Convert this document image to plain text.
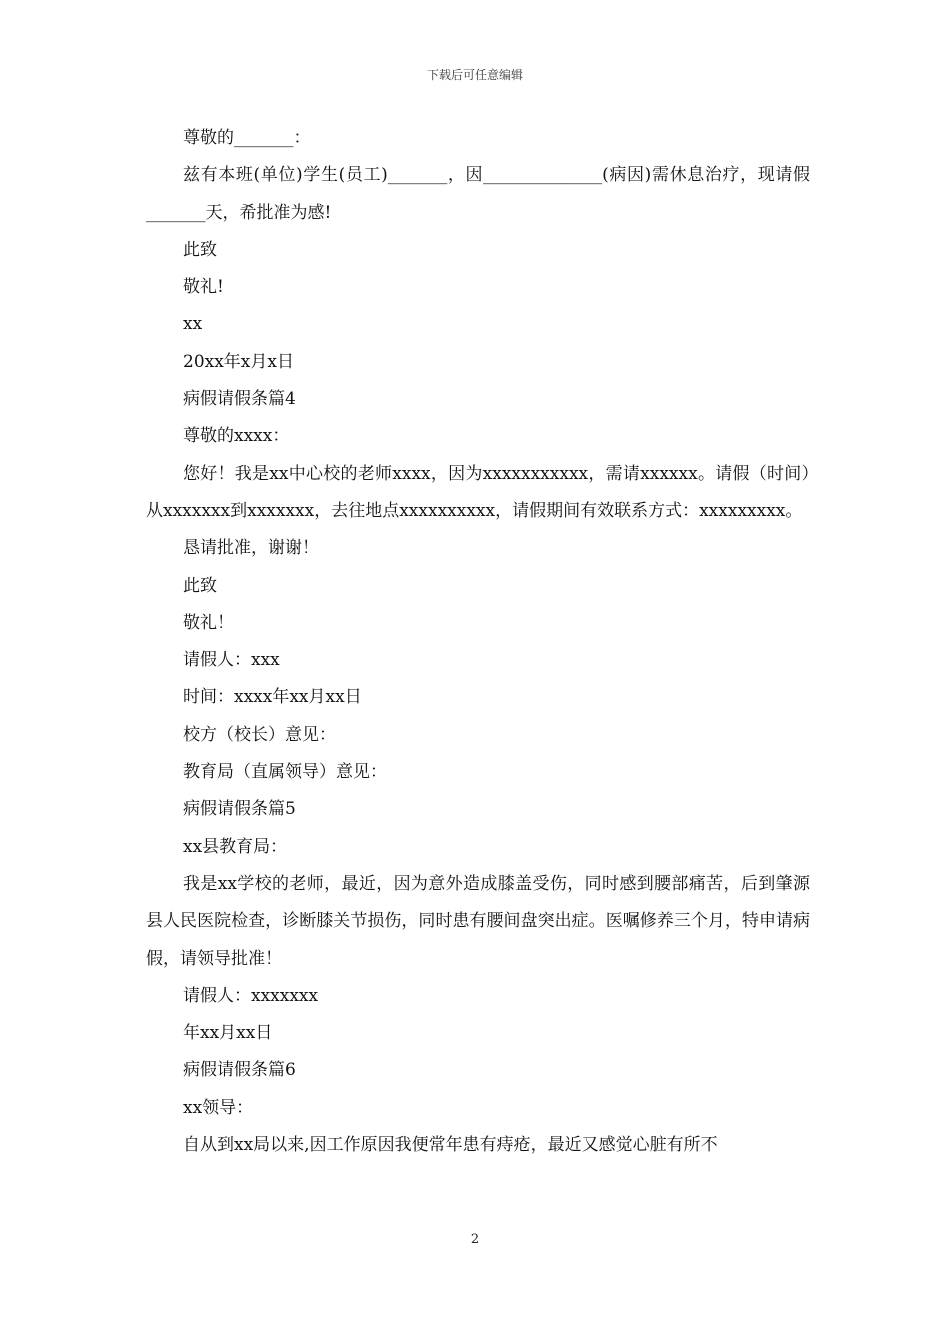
下载后可任意编辑

尊敬的_______：

兹有本班(单位)学生(员工)_______，因______________(病因)需休息治疗，现请假_______天，希批准为感!

此致

敬礼!

xx

20xx年x月x日

病假请假条篇4

尊敬的xxxx：

您好！我是xx中心校的老师xxxx，因为xxxxxxxxxxx，需请xxxxxx。请假（时间）从xxxxxxx到xxxxxxx，去往地点xxxxxxxxxx，请假期间有效联系方式：xxxxxxxxx。

恳请批准，谢谢！

此致

敬礼！

请假人：xxx

时间：xxxx年xx月xx日

校方（校长）意见：

教育局（直属领导）意见：

病假请假条篇5

xx县教育局：

我是xx学校的老师，最近，因为意外造成膝盖受伤，同时感到腰部痛苦，后到肇源县人民医院检查，诊断膝关节损伤，同时患有腰间盘突出症。医嘱修养三个月，特申请病假，请领导批准！

请假人：xxxxxxx

年xx月xx日

病假请假条篇6

xx领导：

自从到xx局以来,因工作原因我便常年患有痔疮，最近又感觉心脏有所不

2
